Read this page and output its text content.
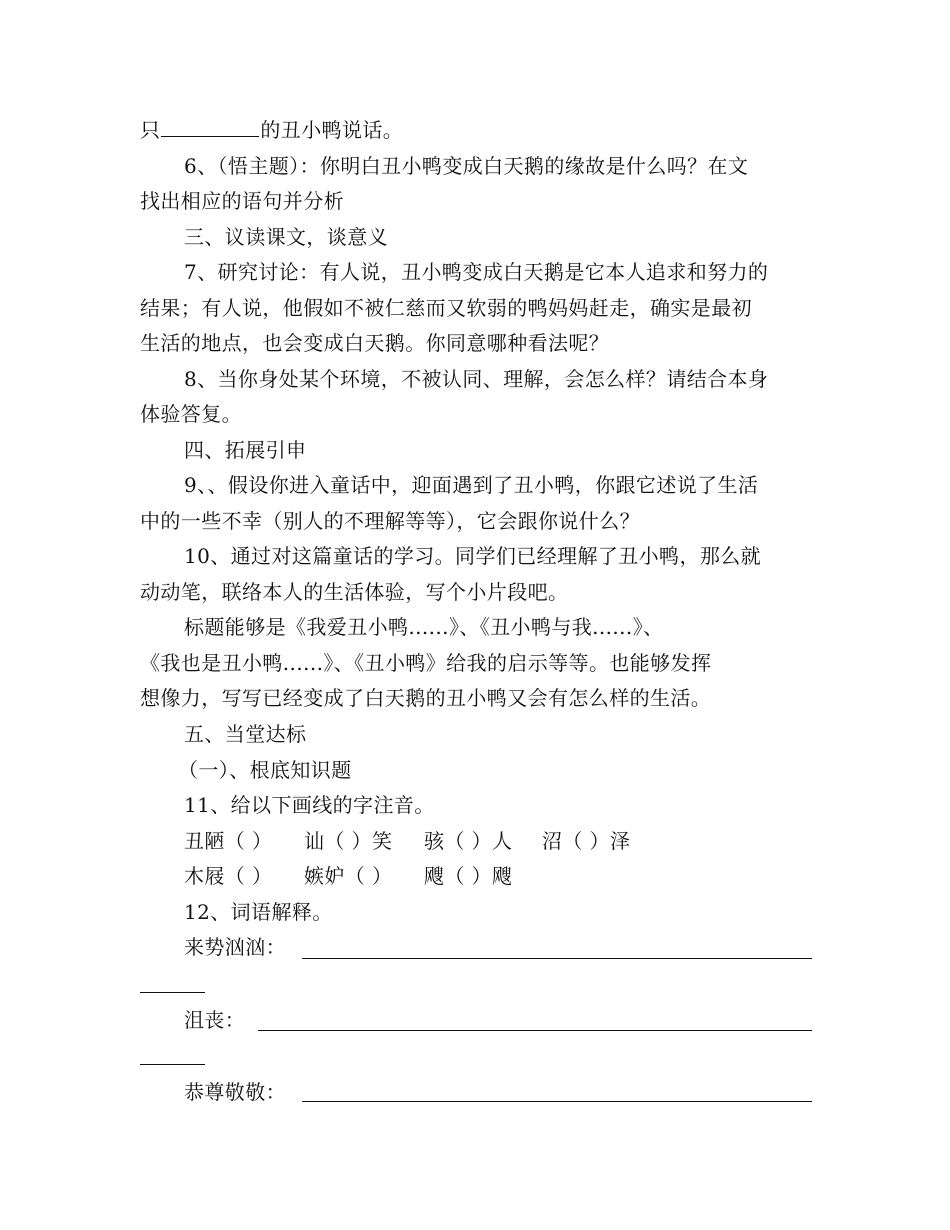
只	的丑小鸭说话。
6、（悟主题）：你明白丑小鸭变成白天鹅的缘故是什么吗？在文
找出相应的语句并分析
三、议读课文，谈意义
7、研究讨论：有人说，丑小鸭变成白天鹅是它本人追求和努力的
结果；有人说，他假如不被仁慈而又软弱的鸭妈妈赶走，确实是最初
生活的地点，也会变成白天鹅。你同意哪种看法呢？
8、当你身处某个环境，不被认同、理解，会怎么样？请结合本身
体验答复。
四、拓展引申
9、、假设你进入童话中，迎面遇到了丑小鸭，你跟它述说了生活
中的一些不幸（别人的不理解等等），它会跟你说什么？
10、通过对这篇童话的学习。同学们已经理解了丑小鸭，那么就
动动笔，联络本人的生活体验，写个小片段吧。
标题能够是《我爱丑小鸭......》、《丑小鸭与我......》、
《我也是丑小鸭......》、《丑小鸭》给我的启示等等。也能够发挥
想像力，写写已经变成了白天鹅的丑小鸭又会有怎么样的生活。
五、当堂达标
（一）、根底知识题
11、给以下画线的字注音。
丑陋（ ） 讪（ ）笑 骇（ ）人 沼（ ）泽
木屐（ ） 嫉妒（ ） 飕（ ）飕
12、词语解释。
来势汹汹：
沮丧：
恭尊敬敬：
